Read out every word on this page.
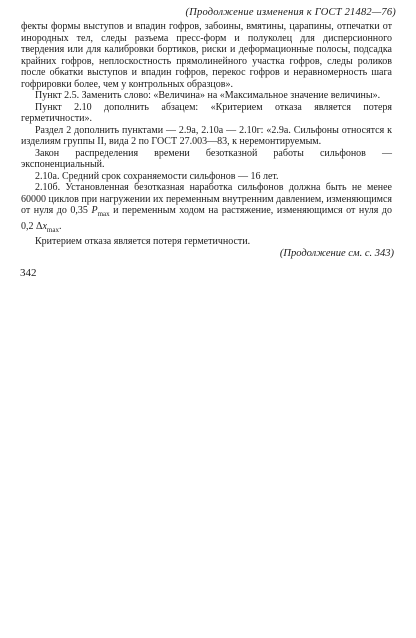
(Продолжение изменения к ГОСТ 21482—76)

фекты формы выступов и впадин гофров, забоины, вмятины, царапины, отпечатки от инородных тел, следы разъема пресс-форм и полуколец для дисперсионного твердения или для калибровки бортиков, риски и деформационные полосы, подсадка крайних гофров, неплоскостность прямолинейного участка гофров, следы роликов после обкатки выступов и впадин гофров, перекос гофров и неравномерность шага гофрировки более, чем у контрольных образцов».

Пункт 2.5. Заменить слово: «Величина» на «Максимальное значение величины».

Пункт 2.10 дополнить абзацем: «Критерием отказа является потеря герметичности».

Раздел 2 дополнить пунктами — 2.9а, 2.10а — 2.10г: «2.9а. Сильфоны относятся к изделиям группы II, вида 2 по ГОСТ 27.003—83, к неремонтируемым.

Закон распределения времени безотказной работы сильфонов — экспоненциальный.

2.10а. Средний срок сохраняемости сильфонов — 16 лет.

2.10б. Установленная безотказная наработка сильфонов должна быть не менее 60000 циклов при нагружении их переменным внутренним давлением, изменяющимся от нуля до 0,35 $P_{max}$ и переменным ходом на растяжение, изменяющимся от нуля до 0,2 $\Delta x_{max}$.

Критерием отказа является потеря герметичности.

(Продолжение см. с. 343)
342
